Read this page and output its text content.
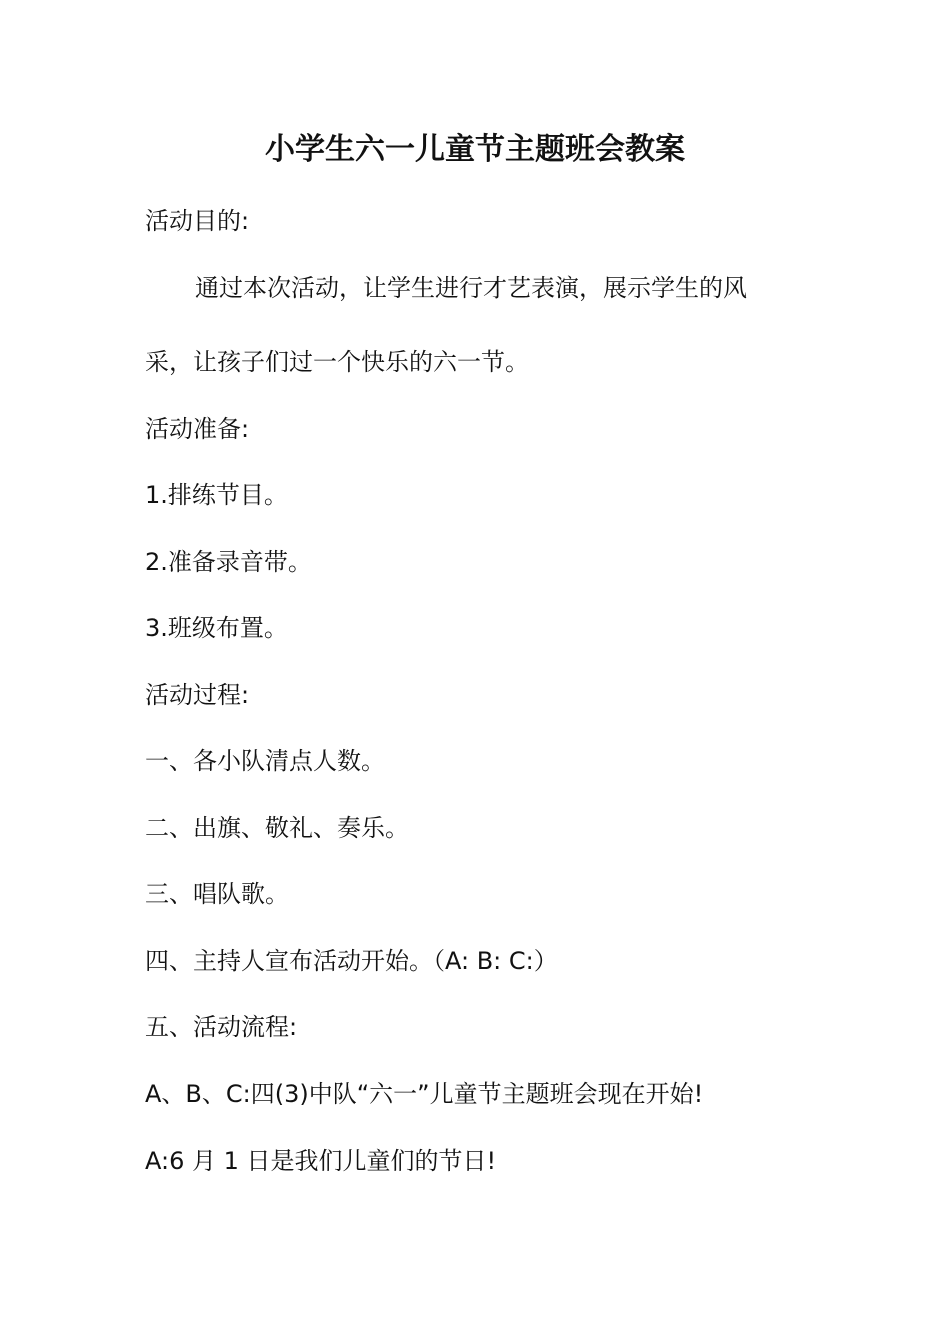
小学生六一儿童节主题班会教案
活动目的:
通过本次活动，让学生进行才艺表演，展示学生的风
采，让孩子们过一个快乐的六一节。
活动准备:
1.排练节目。
2.准备录音带。
3.班级布置。
活动过程:
一、各小队清点人数。
二、出旗、敬礼、奏乐。
三、唱队歌。
四、主持人宣布活动开始。（A: B: C:）
五、活动流程:
A、B、C:四(3)中队“六一”儿童节主题班会现在开始!
A:6 月 1 日是我们儿童们的节日!
